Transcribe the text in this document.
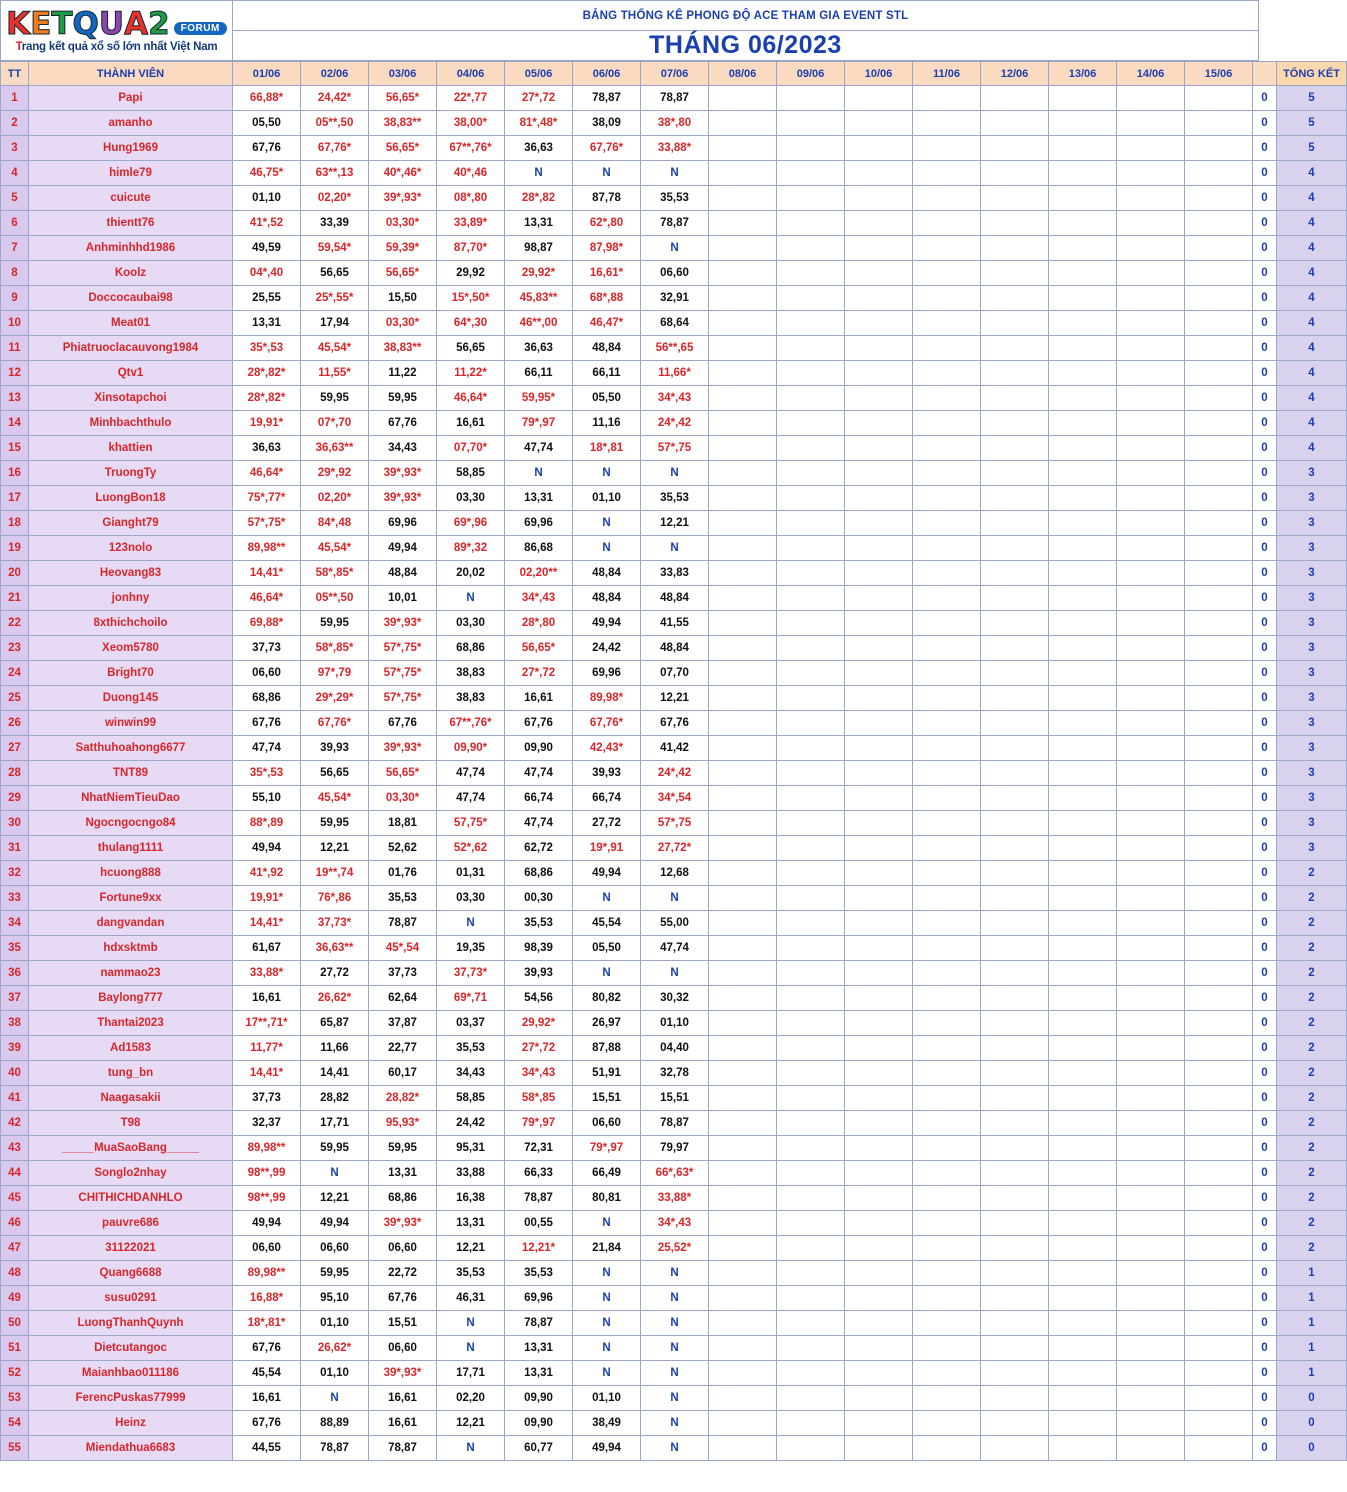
K E T Q U A 2	FORUM
Trang kết quả xổ số lớn nhất Việt Nam
BẢNG THỐNG KÊ PHONG ĐỘ ACE THAM GIA EVENT STL
THÁNG 06/2023
TT	THÀNH VIÊN	01/06	02/06	03/06	04/06	05/06	06/06	07/06	08/06	09/06	10/06	11/06	12/06	13/06	14/06	15/06		TỔNG KẾT
1	Papi	66,88*	24,42*	56,65*	22*,77	27*,72	78,87	78,87									0	5
2	amanho	05,50	05**,50	38,83**	38,00*	81*,48*	38,09	38*,80									0	5
3	Hung1969	67,76	67,76*	56,65*	67**,76*	36,63	67,76*	33,88*									0	5
4	himle79	46,75*	63**,13	40*,46*	40*,46	N	N	N									0	4
5	cuicute	01,10	02,20*	39*,93*	08*,80	28*,82	87,78	35,53									0	4
6	thientt76	41*,52	33,39	03,30*	33,89*	13,31	62*,80	78,87									0	4
7	Anhminhhd1986	49,59	59,54*	59,39*	87,70*	98,87	87,98*	N									0	4
8	Koolz	04*,40	56,65	56,65*	29,92	29,92*	16,61*	06,60									0	4
9	Doccocaubai98	25,55	25*,55*	15,50	15*,50*	45,83**	68*,88	32,91									0	4
10	Meat01	13,31	17,94	03,30*	64*,30	46**,00	46,47*	68,64									0	4
11	Phiatruoclacauvong1984	35*,53	45,54*	38,83**	56,65	36,63	48,84	56**,65									0	4
12	Qtv1	28*,82*	11,55*	11,22	11,22*	66,11	66,11	11,66*									0	4
13	Xinsotapchoi	28*,82*	59,95	59,95	46,64*	59,95*	05,50	34*,43									0	4
14	Minhbachthulo	19,91*	07*,70	67,76	16,61	79*,97	11,16	24*,42									0	4
15	khattien	36,63	36,63**	34,43	07,70*	47,74	18*,81	57*,75									0	4
16	TruongTy	46,64*	29*,92	39*,93*	58,85	N	N	N									0	3
17	LuongBon18	75*,77*	02,20*	39*,93*	03,30	13,31	01,10	35,53									0	3
18	Gianght79	57*,75*	84*,48	69,96	69*,96	69,96	N	12,21									0	3
19	123nolo	89,98**	45,54*	49,94	89*,32	86,68	N	N									0	3
20	Heovang83	14,41*	58*,85*	48,84	20,02	02,20**	48,84	33,83									0	3
21	jonhny	46,64*	05**,50	10,01	N	34*,43	48,84	48,84									0	3
22	8xthichchoilo	69,88*	59,95	39*,93*	03,30	28*,80	49,94	41,55									0	3
23	Xeom5780	37,73	58*,85*	57*,75*	68,86	56,65*	24,42	48,84									0	3
24	Bright70	06,60	97*,79	57*,75*	38,83	27*,72	69,96	07,70									0	3
25	Duong145	68,86	29*,29*	57*,75*	38,83	16,61	89,98*	12,21									0	3
26	winwin99	67,76	67,76*	67,76	67**,76*	67,76	67,76*	67,76									0	3
27	Satthuhoahong6677	47,74	39,93	39*,93*	09,90*	09,90	42,43*	41,42									0	3
28	TNT89	35*,53	56,65	56,65*	47,74	47,74	39,93	24*,42									0	3
29	NhatNiemTieuDao	55,10	45,54*	03,30*	47,74	66,74	66,74	34*,54									0	3
30	Ngocngocngo84	88*,89	59,95	18,81	57,75*	47,74	27,72	57*,75									0	3
31	thulang1111	49,94	12,21	52,62	52*,62	62,72	19*,91	27,72*									0	3
32	hcuong888	41*,92	19**,74	01,76	01,31	68,86	49,94	12,68									0	2
33	Fortune9xx	19,91*	76*,86	35,53	03,30	00,30	N	N									0	2
34	dangvandan	14,41*	37,73*	78,87	N	35,53	45,54	55,00									0	2
35	hdxsktmb	61,67	36,63**	45*,54	19,35	98,39	05,50	47,74									0	2
36	nammao23	33,88*	27,72	37,73	37,73*	39,93	N	N									0	2
37	Baylong777	16,61	26,62*	62,64	69*,71	54,56	80,82	30,32									0	2
38	Thantai2023	17**,71*	65,87	37,87	03,37	29,92*	26,97	01,10									0	2
39	Ad1583	11,77*	11,66	22,77	35,53	27*,72	87,88	04,40									0	2
40	tung_bn	14,41*	14,41	60,17	34,43	34*,43	51,91	32,78									0	2
41	Naagasakii	37,73	28,82	28,82*	58,85	58*,85	15,51	15,51									0	2
42	T98	32,37	17,71	95,93*	24,42	79*,97	06,60	78,87									0	2
43	_____MuaSaoBang_____	89,98**	59,95	59,95	95,31	72,31	79*,97	79,97									0	2
44	Songlo2nhay	98**,99	N	13,31	33,88	66,33	66,49	66*,63*									0	2
45	CHITHICHDANHLO	98**,99	12,21	68,86	16,38	78,87	80,81	33,88*									0	2
46	pauvre686	49,94	49,94	39*,93*	13,31	00,55	N	34*,43									0	2
47	31122021	06,60	06,60	06,60	12,21	12,21*	21,84	25,52*									0	2
48	Quang6688	89,98**	59,95	22,72	35,53	35,53	N	N									0	1
49	susu0291	16,88*	95,10	67,76	46,31	69,96	N	N									0	1
50	LuongThanhQuynh	18*,81*	01,10	15,51	N	78,87	N	N									0	1
51	Dietcutangoc	67,76	26,62*	06,60	N	13,31	N	N									0	1
52	Maianhbao011186	45,54	01,10	39*,93*	17,71	13,31	N	N									0	1
53	FerencPuskas77999	16,61	N	16,61	02,20	09,90	01,10	N									0	0
54	Heinz	67,76	88,89	16,61	12,21	09,90	38,49	N									0	0
55	Miendathua6683	44,55	78,87	78,87	N	60,77	49,94	N									0	0
